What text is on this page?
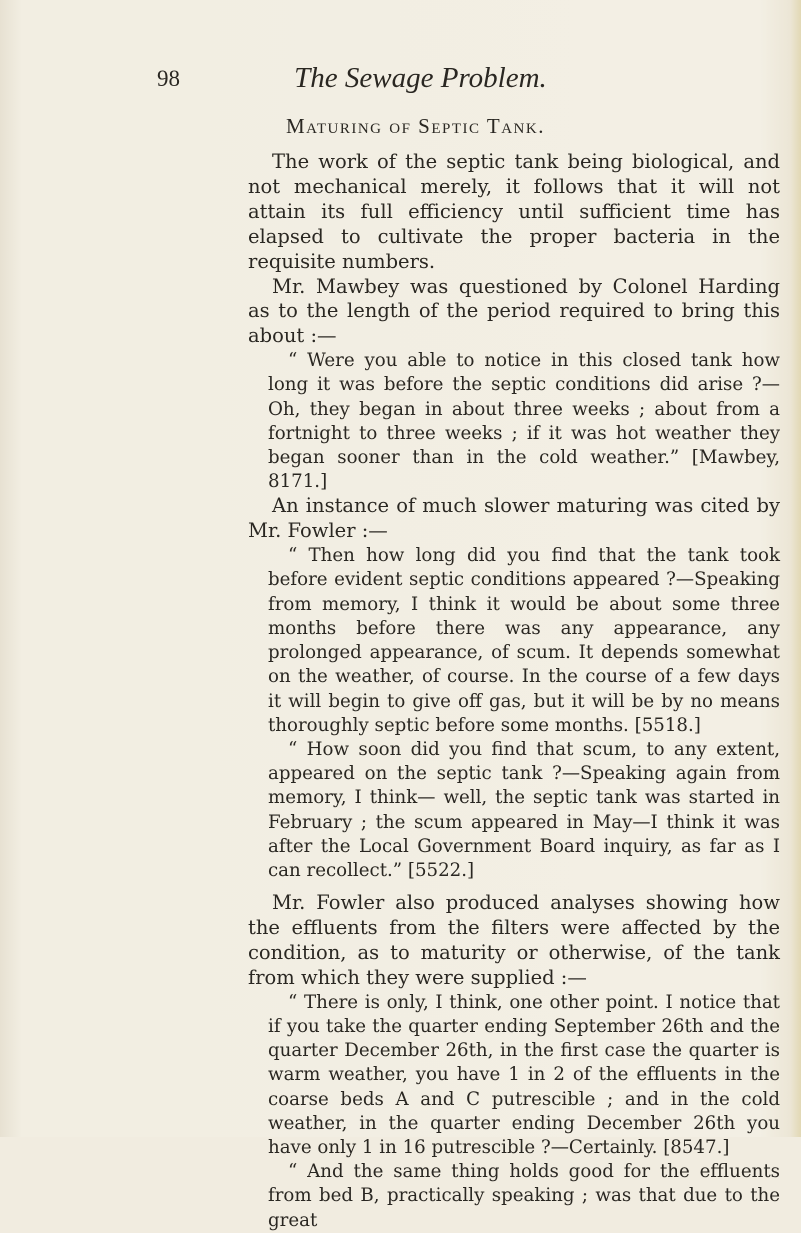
98	The Sewage Problem.
Maturing of Septic Tank.

The work of the septic tank being biological, and not mechanical merely, it follows that it will not attain its full efficiency until sufficient time has elapsed to cultivate the proper bacteria in the requisite numbers.

Mr. Mawbey was questioned by Colonel Harding as to the length of the period required to bring this about :—

“ Were you able to notice in this closed tank how long it was before the septic conditions did arise ?—Oh, they began in about three weeks ; about from a fortnight to three weeks ; if it was hot weather they began sooner than in the cold weather.” [Mawbey, 8171.]

An instance of much slower maturing was cited by Mr. Fowler :—

“ Then how long did you find that the tank took before evident septic conditions appeared ?—Speaking from memory, I think it would be about some three months before there was any appearance, any prolonged appearance, of scum. It depends somewhat on the weather, of course. In the course of a few days it will begin to give off gas, but it will be by no means thoroughly septic before some months. [5518.]

“ How soon did you find that scum, to any extent, appeared on the septic tank ?—Speaking again from memory, I think— well, the septic tank was started in February ; the scum appeared in May—I think it was after the Local Government Board inquiry, as far as I can recollect.” [5522.]

Mr. Fowler also produced analyses showing how the effluents from the filters were affected by the condition, as to maturity or otherwise, of the tank from which they were supplied :—

“ There is only, I think, one other point. I notice that if you take the quarter ending September 26th and the quarter December 26th, in the first case the quarter is warm weather, you have 1 in 2 of the effluents in the coarse beds A and C putrescible ; and in the cold weather, in the quarter ending December 26th you have only 1 in 16 putrescible ?—Certainly. [8547.]

“ And the same thing holds good for the effluents from bed B, practically speaking ; was that due to the great
